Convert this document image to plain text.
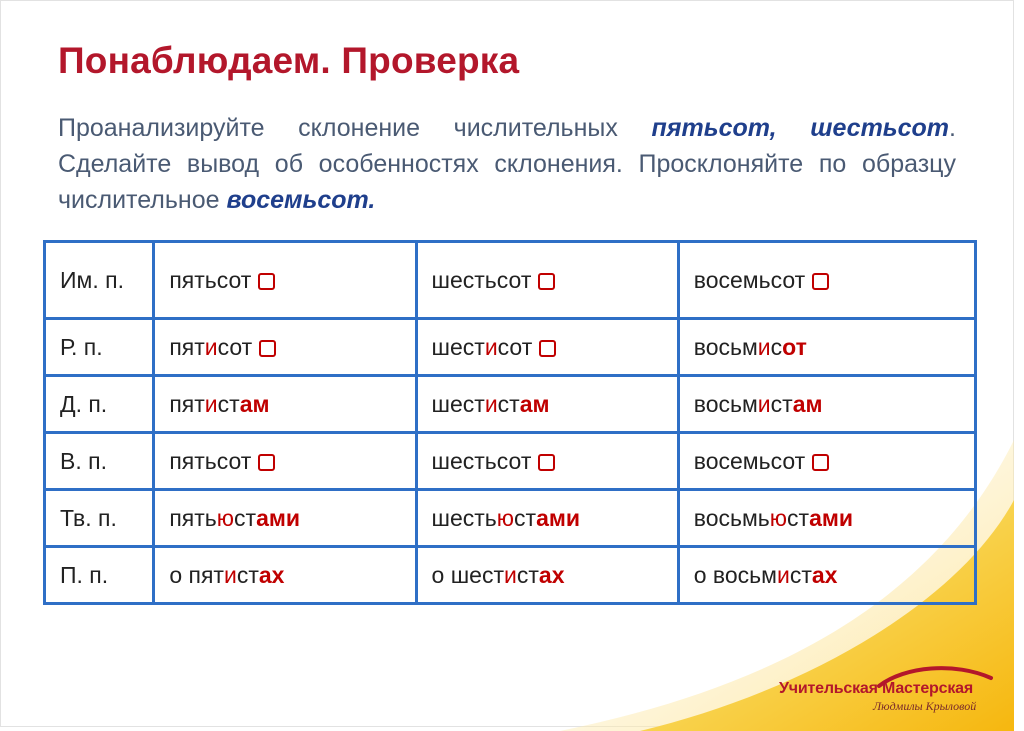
Понаблюдаем. Проверка
Проанализируйте склонение числительных пятьсот, шестьсот. Сделайте вывод об особенностях склонения. Просклоняйте по образцу числительное восемьсот.
Им. п.	пятьсот	шестьсот	восемьсот
Р. п.	пятисот	шестисот	восьмисот
Д. п.	пятистам	шестистам	восьмистам
В. п.	пятьсот	шестьсот	восемьсот
Тв. п.	пятьюстами	шестьюстами	восьмьюстами
П. п.	о пятистах	о шестистах	о восьмистах
Учительская Мастерская
Людмилы Крыловой
